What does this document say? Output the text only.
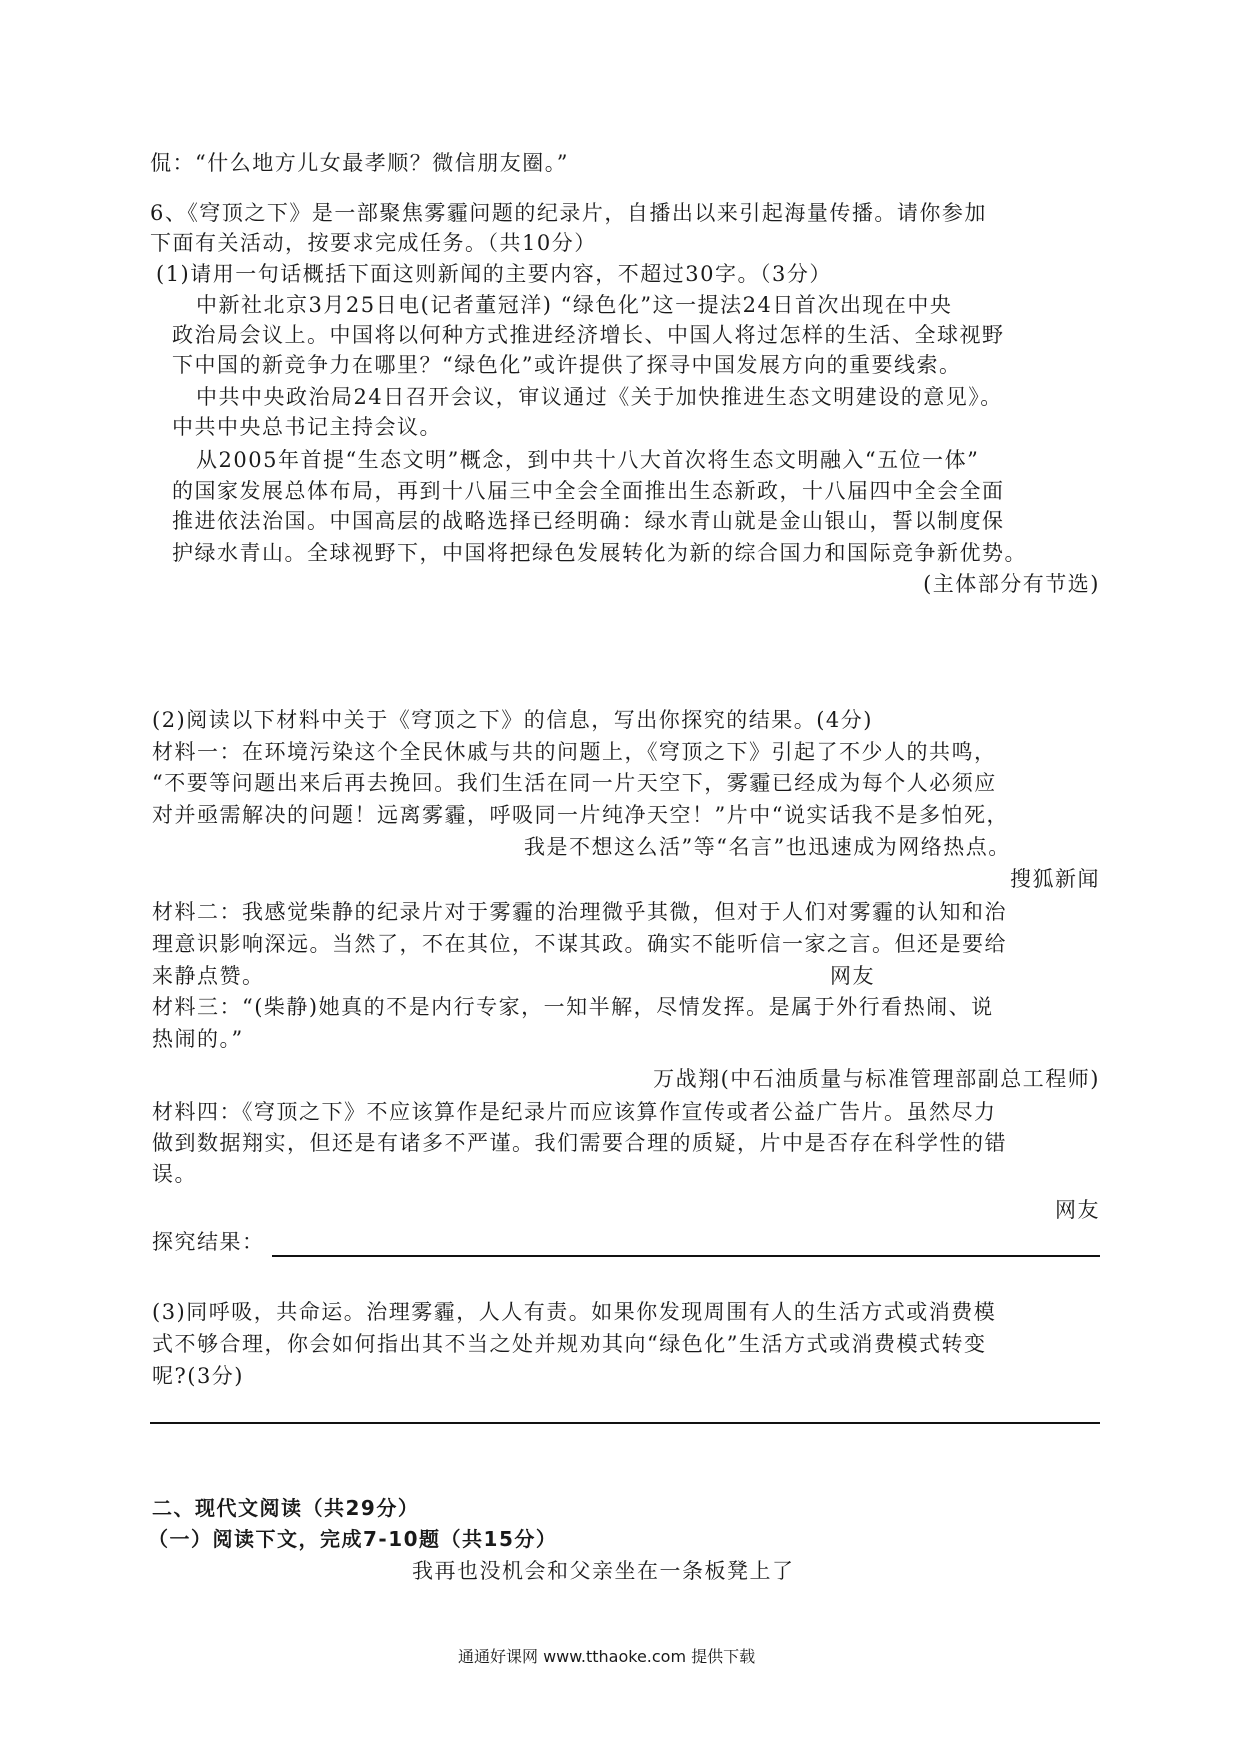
侃：“什么地方儿女最孝顺？微信朋友圈。”
6、《穹顶之下》是一部聚焦雾霾问题的纪录片，自播出以来引起海量传播。请你参加
下面有关活动，按要求完成任务。（共10分）
(1)请用一句话概括下面这则新闻的主要内容，不超过30字。（3分）
中新社北京3月25日电(记者董冠洋) “绿色化”这一提法24日首次出现在中央
政治局会议上。中国将以何种方式推进经济增长、中国人将过怎样的生活、全球视野
下中国的新竞争力在哪里？“绿色化”或许提供了探寻中国发展方向的重要线索。
中共中央政治局24日召开会议，审议通过《关于加快推进生态文明建设的意见》。
中共中央总书记主持会议。
从2005年首提“生态文明”概念，到中共十八大首次将生态文明融入“五位一体”
的国家发展总体布局，再到十八届三中全会全面推出生态新政，十八届四中全会全面
推进依法治国。中国高层的战略选择已经明确：绿水青山就是金山银山，誓以制度保
护绿水青山。全球视野下，中国将把绿色发展转化为新的综合国力和国际竞争新优势。
(主体部分有节选)
(2)阅读以下材料中关于《穹顶之下》的信息，写出你探究的结果。(4分)
材料一：在环境污染这个全民休戚与共的问题上，《穹顶之下》引起了不少人的共鸣，
“不要等问题出来后再去挽回。我们生活在同一片天空下，雾霾已经成为每个人必须应
对并亟需解决的问题！远离雾霾，呼吸同一片纯净天空！”片中“说实话我不是多怕死，
我是不想这么活”等“名言”也迅速成为网络热点。
搜狐新闻
材料二：我感觉柴静的纪录片对于雾霾的治理微乎其微，但对于人们对雾霾的认知和治
理意识影响深远。当然了，不在其位，不谋其政。确实不能听信一家之言。但还是要给
来静点赞。	网友
材料三：“(柴静)她真的不是内行专家，一知半解，尽情发挥。是属于外行看热闹、说
热闹的。”
万战翔(中石油质量与标准管理部副总工程师)
材料四：《穹顶之下》不应该算作是纪录片而应该算作宣传或者公益广告片。虽然尽力
做到数据翔实，但还是有诸多不严谨。我们需要合理的质疑，片中是否存在科学性的错
误。
网友
探究结果：
(3)同呼吸，共命运。治理雾霾，人人有责。如果你发现周围有人的生活方式或消费模
式不够合理，你会如何指出其不当之处并规劝其向“绿色化”生活方式或消费模式转变
呢?(3分)
二、现代文阅读（共29分）
（一）阅读下文，完成7-10题（共15分）
我再也没机会和父亲坐在一条板凳上了
通通好课网 www.tthaoke.com 提供下载
